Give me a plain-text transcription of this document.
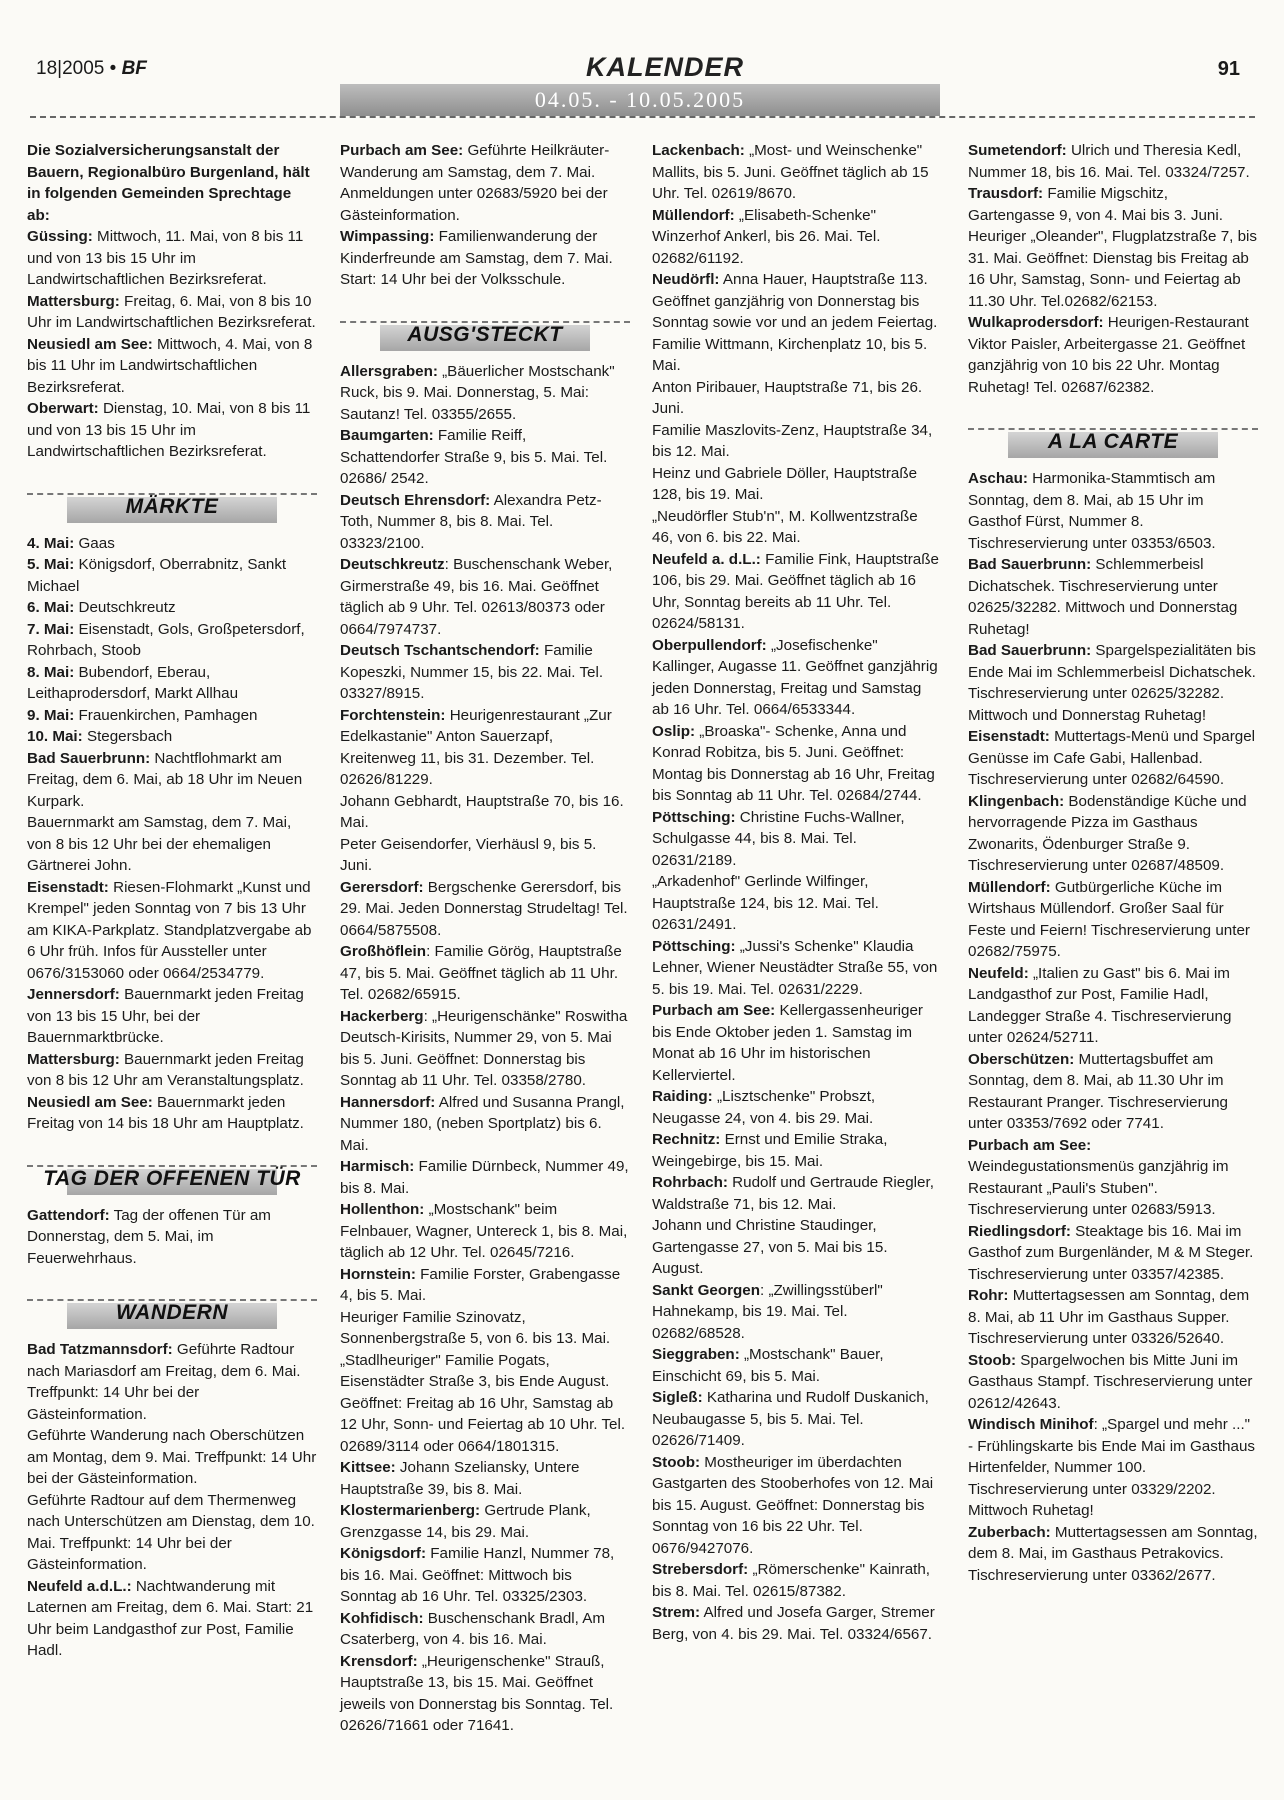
18|2005 • BF	KALENDER	91
04.05. - 10.05.2005

Die Sozialversicherungsanstalt der Bauern, Regionalbüro Burgenland, hält in folgenden Gemeinden Sprechtage ab:

Güssing: Mittwoch, 11. Mai, von 8 bis 11 und von 13 bis 15 Uhr im Landwirtschaftlichen Bezirksreferat.

Mattersburg: Freitag, 6. Mai, von 8 bis 10 Uhr im Landwirtschaftlichen Bezirksreferat.

Neusiedl am See: Mittwoch, 4. Mai, von 8 bis 11 Uhr im Landwirtschaftlichen Bezirksreferat.

Oberwart: Dienstag, 10. Mai, von 8 bis 11 und von 13 bis 15 Uhr im Landwirtschaftlichen Bezirksreferat.

MÄRKTE

4. Mai: Gaas

5. Mai: Königsdorf, Oberrabnitz, Sankt Michael

6. Mai: Deutschkreutz

7. Mai: Eisenstadt, Gols, Großpetersdorf, Rohrbach, Stoob

8. Mai: Bubendorf, Eberau, Leithaprodersdorf, Markt Allhau

9. Mai: Frauenkirchen, Pamhagen

10. Mai: Stegersbach

Bad Sauerbrunn: Nachtflohmarkt am Freitag, dem 6. Mai, ab 18 Uhr im Neuen Kurpark.

Bauernmarkt am Samstag, dem 7. Mai, von 8 bis 12 Uhr bei der ehemaligen Gärtnerei John.

Eisenstadt: Riesen-Flohmarkt „Kunst und Krempel" jeden Sonntag von 7 bis 13 Uhr am KIKA-Parkplatz. Standplatzvergabe ab 6 Uhr früh. Infos für Aussteller unter 0676/3153060 oder 0664/2534779.

Jennersdorf: Bauernmarkt jeden Freitag von 13 bis 15 Uhr, bei der Bauernmarktbrücke.

Mattersburg: Bauernmarkt jeden Freitag von 8 bis 12 Uhr am Veranstaltungsplatz.

Neusiedl am See: Bauernmarkt jeden Freitag von 14 bis 18 Uhr am Hauptplatz.

TAG DER OFFENEN TÜR

Gattendorf: Tag der offenen Tür am Donnerstag, dem 5. Mai, im Feuerwehrhaus.

WANDERN

Bad Tatzmannsdorf: Geführte Radtour nach Mariasdorf am Freitag, dem 6. Mai. Treffpunkt: 14 Uhr bei der Gästeinformation.

Geführte Wanderung nach Oberschützen am Montag, dem 9. Mai. Treffpunkt: 14 Uhr bei der Gästeinformation.

Geführte Radtour auf dem Thermenweg nach Unterschützen am Dienstag, dem 10. Mai. Treffpunkt: 14 Uhr bei der Gästeinformation.

Neufeld a.d.L.: Nachtwanderung mit Laternen am Freitag, dem 6. Mai. Start: 21 Uhr beim Landgasthof zur Post, Familie Hadl.

Purbach am See: Geführte Heilkräuter- Wanderung am Samstag, dem 7. Mai. Anmeldungen unter 02683/5920 bei der Gästeinformation.

Wimpassing: Familienwanderung der Kinderfreunde am Samstag, dem 7. Mai. Start: 14 Uhr bei der Volksschule.

AUSG'STECKT

Allersgraben: „Bäuerlicher Mostschank" Ruck, bis 9. Mai. Donnerstag, 5. Mai: Sautanz! Tel. 03355/2655.

Baumgarten: Familie Reiff, Schattendorfer Straße 9, bis 5. Mai. Tel. 02686/ 2542.

Deutsch Ehrensdorf: Alexandra Petz-Toth, Nummer 8, bis 8. Mai. Tel. 03323/2100.

Deutschkreutz: Buschenschank Weber, Girmerstraße 49, bis 16. Mai. Geöffnet täglich ab 9 Uhr. Tel. 02613/80373 oder 0664/7974737.

Deutsch Tschantschendorf: Familie Kopeszki, Nummer 15, bis 22. Mai. Tel. 03327/8915.

Forchtenstein: Heurigenrestaurant „Zur Edelkastanie" Anton Sauerzapf, Kreitenweg 11, bis 31. Dezember. Tel. 02626/81229.

Johann Gebhardt, Hauptstraße 70, bis 16. Mai.

Peter Geisendorfer, Vierhäusl 9, bis 5. Juni.

Gerersdorf: Bergschenke Gerersdorf, bis 29. Mai. Jeden Donnerstag Strudeltag! Tel. 0664/5875508.

Großhöflein: Familie Görög, Hauptstraße 47, bis 5. Mai. Geöffnet täglich ab 11 Uhr. Tel. 02682/65915.

Hackerberg: „Heurigenschänke" Roswitha Deutsch-Kirisits, Nummer 29, von 5. Mai bis 5. Juni. Geöffnet: Donnerstag bis Sonntag ab 11 Uhr. Tel. 03358/2780.

Hannersdorf: Alfred und Susanna Prangl, Nummer 180, (neben Sportplatz) bis 6. Mai.

Harmisch: Familie Dürnbeck, Nummer 49, bis 8. Mai.

Hollenthon: „Mostschank" beim Felnbauer, Wagner, Untereck 1, bis 8. Mai, täglich ab 12 Uhr. Tel. 02645/7216.

Hornstein: Familie Forster, Grabengasse 4, bis 5. Mai.

Heuriger Familie Szinovatz, Sonnenbergstraße 5, von 6. bis 13. Mai.

„Stadlheuriger" Familie Pogats, Eisenstädter Straße 3, bis Ende August. Geöffnet: Freitag ab 16 Uhr, Samstag ab 12 Uhr, Sonn- und Feiertag ab 10 Uhr. Tel. 02689/3114 oder 0664/1801315.

Kittsee: Johann Szeliansky, Untere Hauptstraße 39, bis 8. Mai.

Klostermarienberg: Gertrude Plank, Grenzgasse 14, bis 29. Mai.

Königsdorf: Familie Hanzl, Nummer 78, bis 16. Mai. Geöffnet: Mittwoch bis Sonntag ab 16 Uhr. Tel. 03325/2303.

Kohfidisch: Buschenschank Bradl, Am Csaterberg, von 4. bis 16. Mai.

Krensdorf: „Heurigenschenke" Strauß, Hauptstraße 13, bis 15. Mai. Geöffnet jeweils von Donnerstag bis Sonntag. Tel. 02626/71661 oder 71641.

Lackenbach: „Most- und Weinschenke" Mallits, bis 5. Juni. Geöffnet täglich ab 15 Uhr. Tel. 02619/8670.

Müllendorf: „Elisabeth-Schenke" Winzerhof Ankerl, bis 26. Mai. Tel. 02682/61192.

Neudörfl: Anna Hauer, Hauptstraße 113. Geöffnet ganzjährig von Donnerstag bis Sonntag sowie vor und an jedem Feiertag.

Familie Wittmann, Kirchenplatz 10, bis 5. Mai.

Anton Piribauer, Hauptstraße 71, bis 26. Juni.

Familie Maszlovits-Zenz, Hauptstraße 34, bis 12. Mai.

Heinz und Gabriele Döller, Hauptstraße 128, bis 19. Mai.

„Neudörfler Stub'n", M. Kollwentzstraße 46, von 6. bis 22. Mai.

Neufeld a. d.L.: Familie Fink, Hauptstraße 106, bis 29. Mai. Geöffnet täglich ab 16 Uhr, Sonntag bereits ab 11 Uhr. Tel. 02624/58131.

Oberpullendorf: „Josefischenke" Kallinger, Augasse 11. Geöffnet ganzjährig jeden Donnerstag, Freitag und Samstag ab 16 Uhr. Tel. 0664/6533344.

Oslip: „Broaska"- Schenke, Anna und Konrad Robitza, bis 5. Juni. Geöffnet: Montag bis Donnerstag ab 16 Uhr, Freitag bis Sonntag ab 11 Uhr. Tel. 02684/2744.

Pöttsching: Christine Fuchs-Wallner, Schulgasse 44, bis 8. Mai. Tel. 02631/2189.

„Arkadenhof" Gerlinde Wilfinger, Hauptstraße 124, bis 12. Mai. Tel. 02631/2491.

Pöttsching: „Jussi's Schenke" Klaudia Lehner, Wiener Neustädter Straße 55, von 5. bis 19. Mai. Tel. 02631/2229.

Purbach am See: Kellergassenheuriger bis Ende Oktober jeden 1. Samstag im Monat ab 16 Uhr im historischen Kellerviertel.

Raiding: „Lisztschenke" Probszt, Neugasse 24, von 4. bis 29. Mai.

Rechnitz: Ernst und Emilie Straka, Weingebirge, bis 15. Mai.

Rohrbach: Rudolf und Gertraude Riegler, Waldstraße 71, bis 12. Mai.

Johann und Christine Staudinger, Gartengasse 27, von 5. Mai bis 15. August.

Sankt Georgen: „Zwillingsstüberl" Hahnekamp, bis 19. Mai. Tel. 02682/68528.

Sieggraben: „Mostschank" Bauer, Einschicht 69, bis 5. Mai.

Sigleß: Katharina und Rudolf Duskanich, Neubaugasse 5, bis 5. Mai. Tel. 02626/71409.

Stoob: Mostheuriger im überdachten Gastgarten des Stooberhofes von 12. Mai bis 15. August. Geöffnet: Donnerstag bis Sonntag von 16 bis 22 Uhr. Tel. 0676/9427076.

Strebersdorf: „Römerschenke" Kainrath, bis 8. Mai. Tel. 02615/87382.

Strem: Alfred und Josefa Garger, Stremer Berg, von 4. bis 29. Mai. Tel. 03324/6567.

Sumetendorf: Ulrich und Theresia Kedl, Nummer 18, bis 16. Mai. Tel. 03324/7257.

Trausdorf: Familie Migschitz, Gartengasse 9, von 4. Mai bis 3. Juni.

Heuriger „Oleander", Flugplatzstraße 7, bis 31. Mai. Geöffnet: Dienstag bis Freitag ab 16 Uhr, Samstag, Sonn- und Feiertag ab 11.30 Uhr. Tel.02682/62153.

Wulkaprodersdorf: Heurigen-Restaurant Viktor Paisler, Arbeitergasse 21. Geöffnet ganzjährig von 10 bis 22 Uhr. Montag Ruhetag! Tel. 02687/62382.

A LA CARTE

Aschau: Harmonika-Stammtisch am Sonntag, dem 8. Mai, ab 15 Uhr im Gasthof Fürst, Nummer 8. Tischreservierung unter 03353/6503.

Bad Sauerbrunn: Schlemmerbeisl Dichatschek. Tischreservierung unter 02625/32282. Mittwoch und Donnerstag Ruhetag!

Bad Sauerbrunn: Spargelspezialitäten bis Ende Mai im Schlemmerbeisl Dichatschek. Tischreservierung unter 02625/32282. Mittwoch und Donnerstag Ruhetag!

Eisenstadt: Muttertags-Menü und Spargel Genüsse im Cafe Gabi, Hallenbad. Tischreservierung unter 02682/64590.

Klingenbach: Bodenständige Küche und hervorragende Pizza im Gasthaus Zwonarits, Ödenburger Straße 9. Tischreservierung unter 02687/48509.

Müllendorf: Gutbürgerliche Küche im Wirtshaus Müllendorf. Großer Saal für Feste und Feiern! Tischreservierung unter 02682/75975.

Neufeld: „Italien zu Gast" bis 6. Mai im Landgasthof zur Post, Familie Hadl, Landegger Straße 4. Tischreservierung unter 02624/52711.

Oberschützen: Muttertagsbuffet am Sonntag, dem 8. Mai, ab 11.30 Uhr im Restaurant Pranger. Tischreservierung unter 03353/7692 oder 7741.

Purbach am See: Weindegustationsmenüs ganzjährig im Restaurant „Pauli's Stuben". Tischreservierung unter 02683/5913.

Riedlingsdorf: Steaktage bis 16. Mai im Gasthof zum Burgenländer, M & M Steger. Tischreservierung unter 03357/42385.

Rohr: Muttertagsessen am Sonntag, dem 8. Mai, ab 11 Uhr im Gasthaus Supper. Tischreservierung unter 03326/52640.

Stoob: Spargelwochen bis Mitte Juni im Gasthaus Stampf. Tischreservierung unter 02612/42643.

Windisch Minihof: „Spargel und mehr ..." - Frühlingskarte bis Ende Mai im Gasthaus Hirtenfelder, Nummer 100. Tischreservierung unter 03329/2202. Mittwoch Ruhetag!

Zuberbach: Muttertagsessen am Sonntag, dem 8. Mai, im Gasthaus Petrakovics. Tischreservierung unter 03362/2677.
